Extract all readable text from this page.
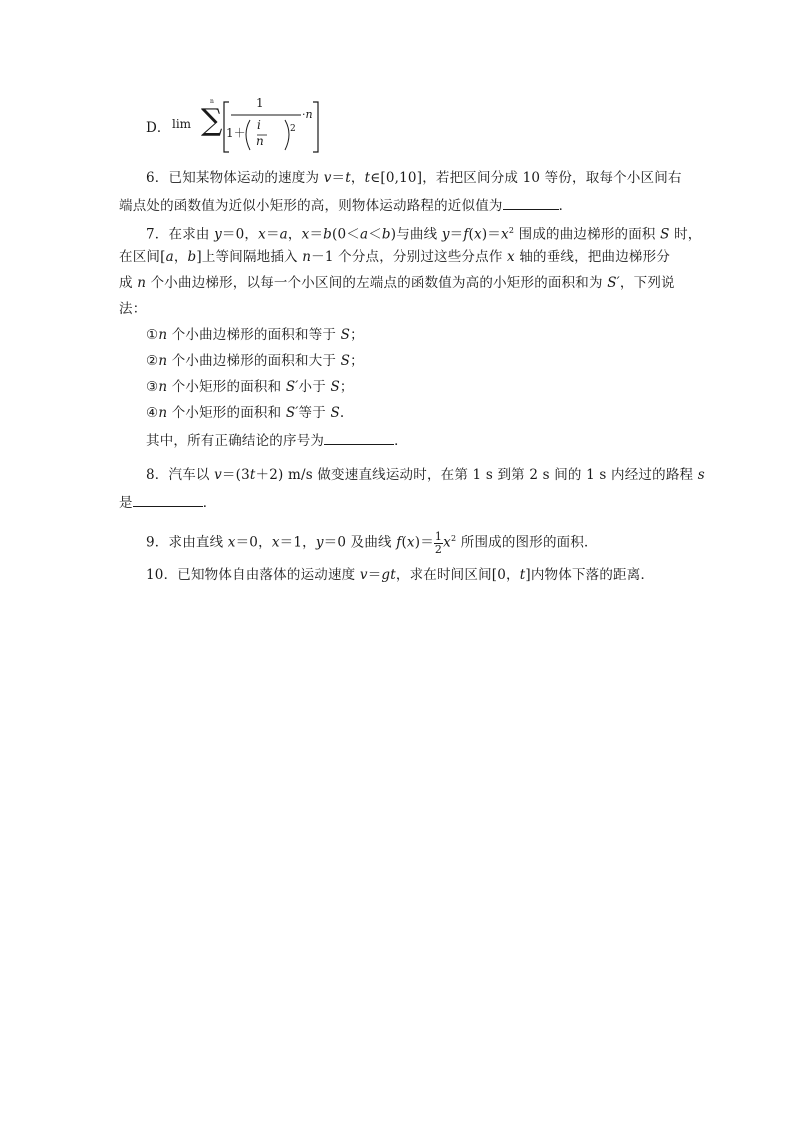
D． lim
n
∑	1
1＋
i
n
2
·n
6．已知某物体运动的速度为 v＝t，t∈[0,10]，若把区间分成 10 等份，取每个小区间右
端点处的函数值为近似小矩形的高，则物体运动路程的近似值为	．
7．在求由 y＝0，x＝a，x＝b(0＜a＜b)与曲线 $y=f(x)=x^2$ 围成的曲边梯形的面积 S 时，
在区间[a，b]上等间隔地插入 n－1 个分点，分别过这些分点作 x 轴的垂线，把曲边梯形分
成 n 个小曲边梯形，以每一个小区间的左端点的函数值为高的小矩形的面积和为 S′，下列说
法：
①n 个小曲边梯形的面积和等于 S；
②n 个小曲边梯形的面积和大于 S；
③n 个小矩形的面积和 S′小于 S；
④n 个小矩形的面积和 S′等于 S.
其中，所有正确结论的序号为	．
8．汽车以 v＝(3t＋2) m/s 做变速直线运动时，在第 1 s 到第 2 s 间的 1 s 内经过的路程 s
是	．
9．求由直线 x＝0，x＝1，y＝0 及曲线 $f(x)= \frac{1}{2} x^2$ 所围成的图形的面积．
10．已知物体自由落体的运动速度 v＝gt，求在时间区间[0，t]内物体下落的距离．
